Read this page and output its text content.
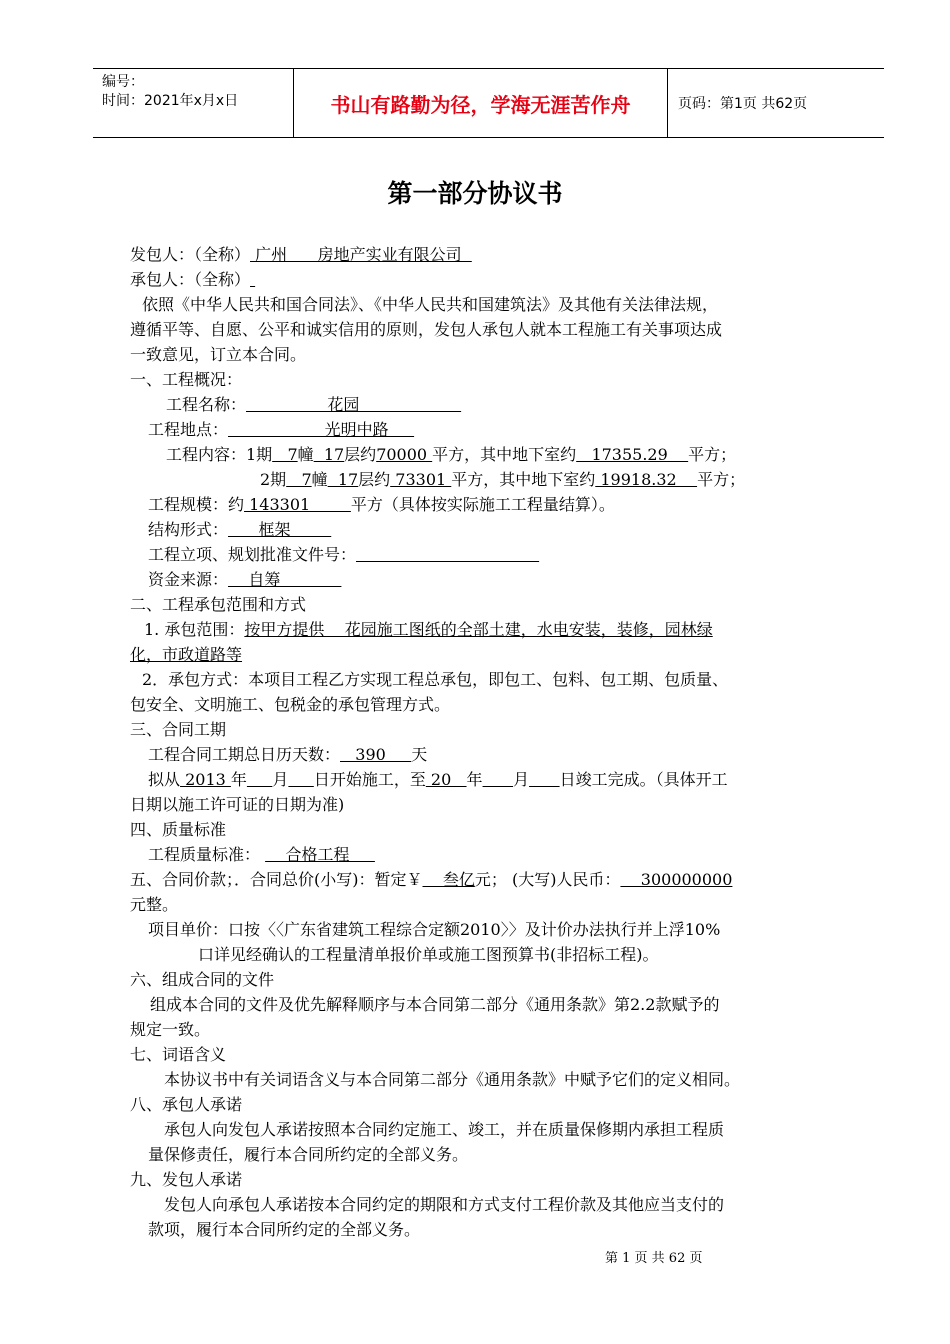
编号：
时间：2021年x月x日	书山有路勤为径，学海无涯苦作舟	页码：第1页 共62页
第一部分协议书
发包人：（全称） 广州      房地产实业有限公司
承包人：（全称）
依照《中华人民共和国合同法》、《中华人民共和国建筑法》及其他有关法律法规，
遵循平等、自愿、公平和诚实信用的原则，发包人承包人就本工程施工有关事项达成
一致意见，订立本合同。
一、工程概况：
工程名称：                花园
工程地点：                   光明中路
工程内容：1期   7幢  17层约70000 平方，其中地下室约   17355.29    平方；
2期   7幢  17层约 73301 平方，其中地下室约 19918.32    平方；
工程规模：约 143301        平方（具体按实际施工工程量结算）。
结构形式：      框架
工程立项、规划批准文件号：
资金来源：    自筹
二、工程承包范围和方式
1. 承包范围：按甲方提供    花园施工图纸的全部土建，水电安装，装修，园林绿
化，市政道路等
2．承包方式：本项目工程乙方实现工程总承包，即包工、包料、包工期、包质量、
包安全、文明施工、包税金的承包管理方式。
三、合同工期
工程合同工期总日历天数：   390     天
拟从 2013 年 月 日开始施工，至 20   年 月 日竣工完成。（具体开工
日期以施工许可证的日期为准)
四、质量标准
工程质量标准：     合格工程
五、合同价款；．合同总价(小写)：暂定￥    叁亿元； (大写)人民币：    300000000
元整。
项目单价：口按〈〈广东省建筑工程综合定额2010〉〉及计价办法执行并上浮10%
口详见经确认的工程量清单报价单或施工图预算书(非招标工程)。
六、组成合同的文件
组成本合同的文件及优先解释顺序与本合同第二部分《通用条款》第2.2款赋予的
规定一致。
七、词语含义
本协议书中有关词语含义与本合同第二部分《通用条款》中赋予它们的定义相同。
八、承包人承诺
承包人向发包人承诺按照本合同约定施工、竣工，并在质量保修期内承担工程质
量保修责任，履行本合同所约定的全部义务。
九、发包人承诺
发包人向承包人承诺按本合同约定的期限和方式支付工程价款及其他应当支付的
款项，履行本合同所约定的全部义务。
第 1 页 共 62 页
